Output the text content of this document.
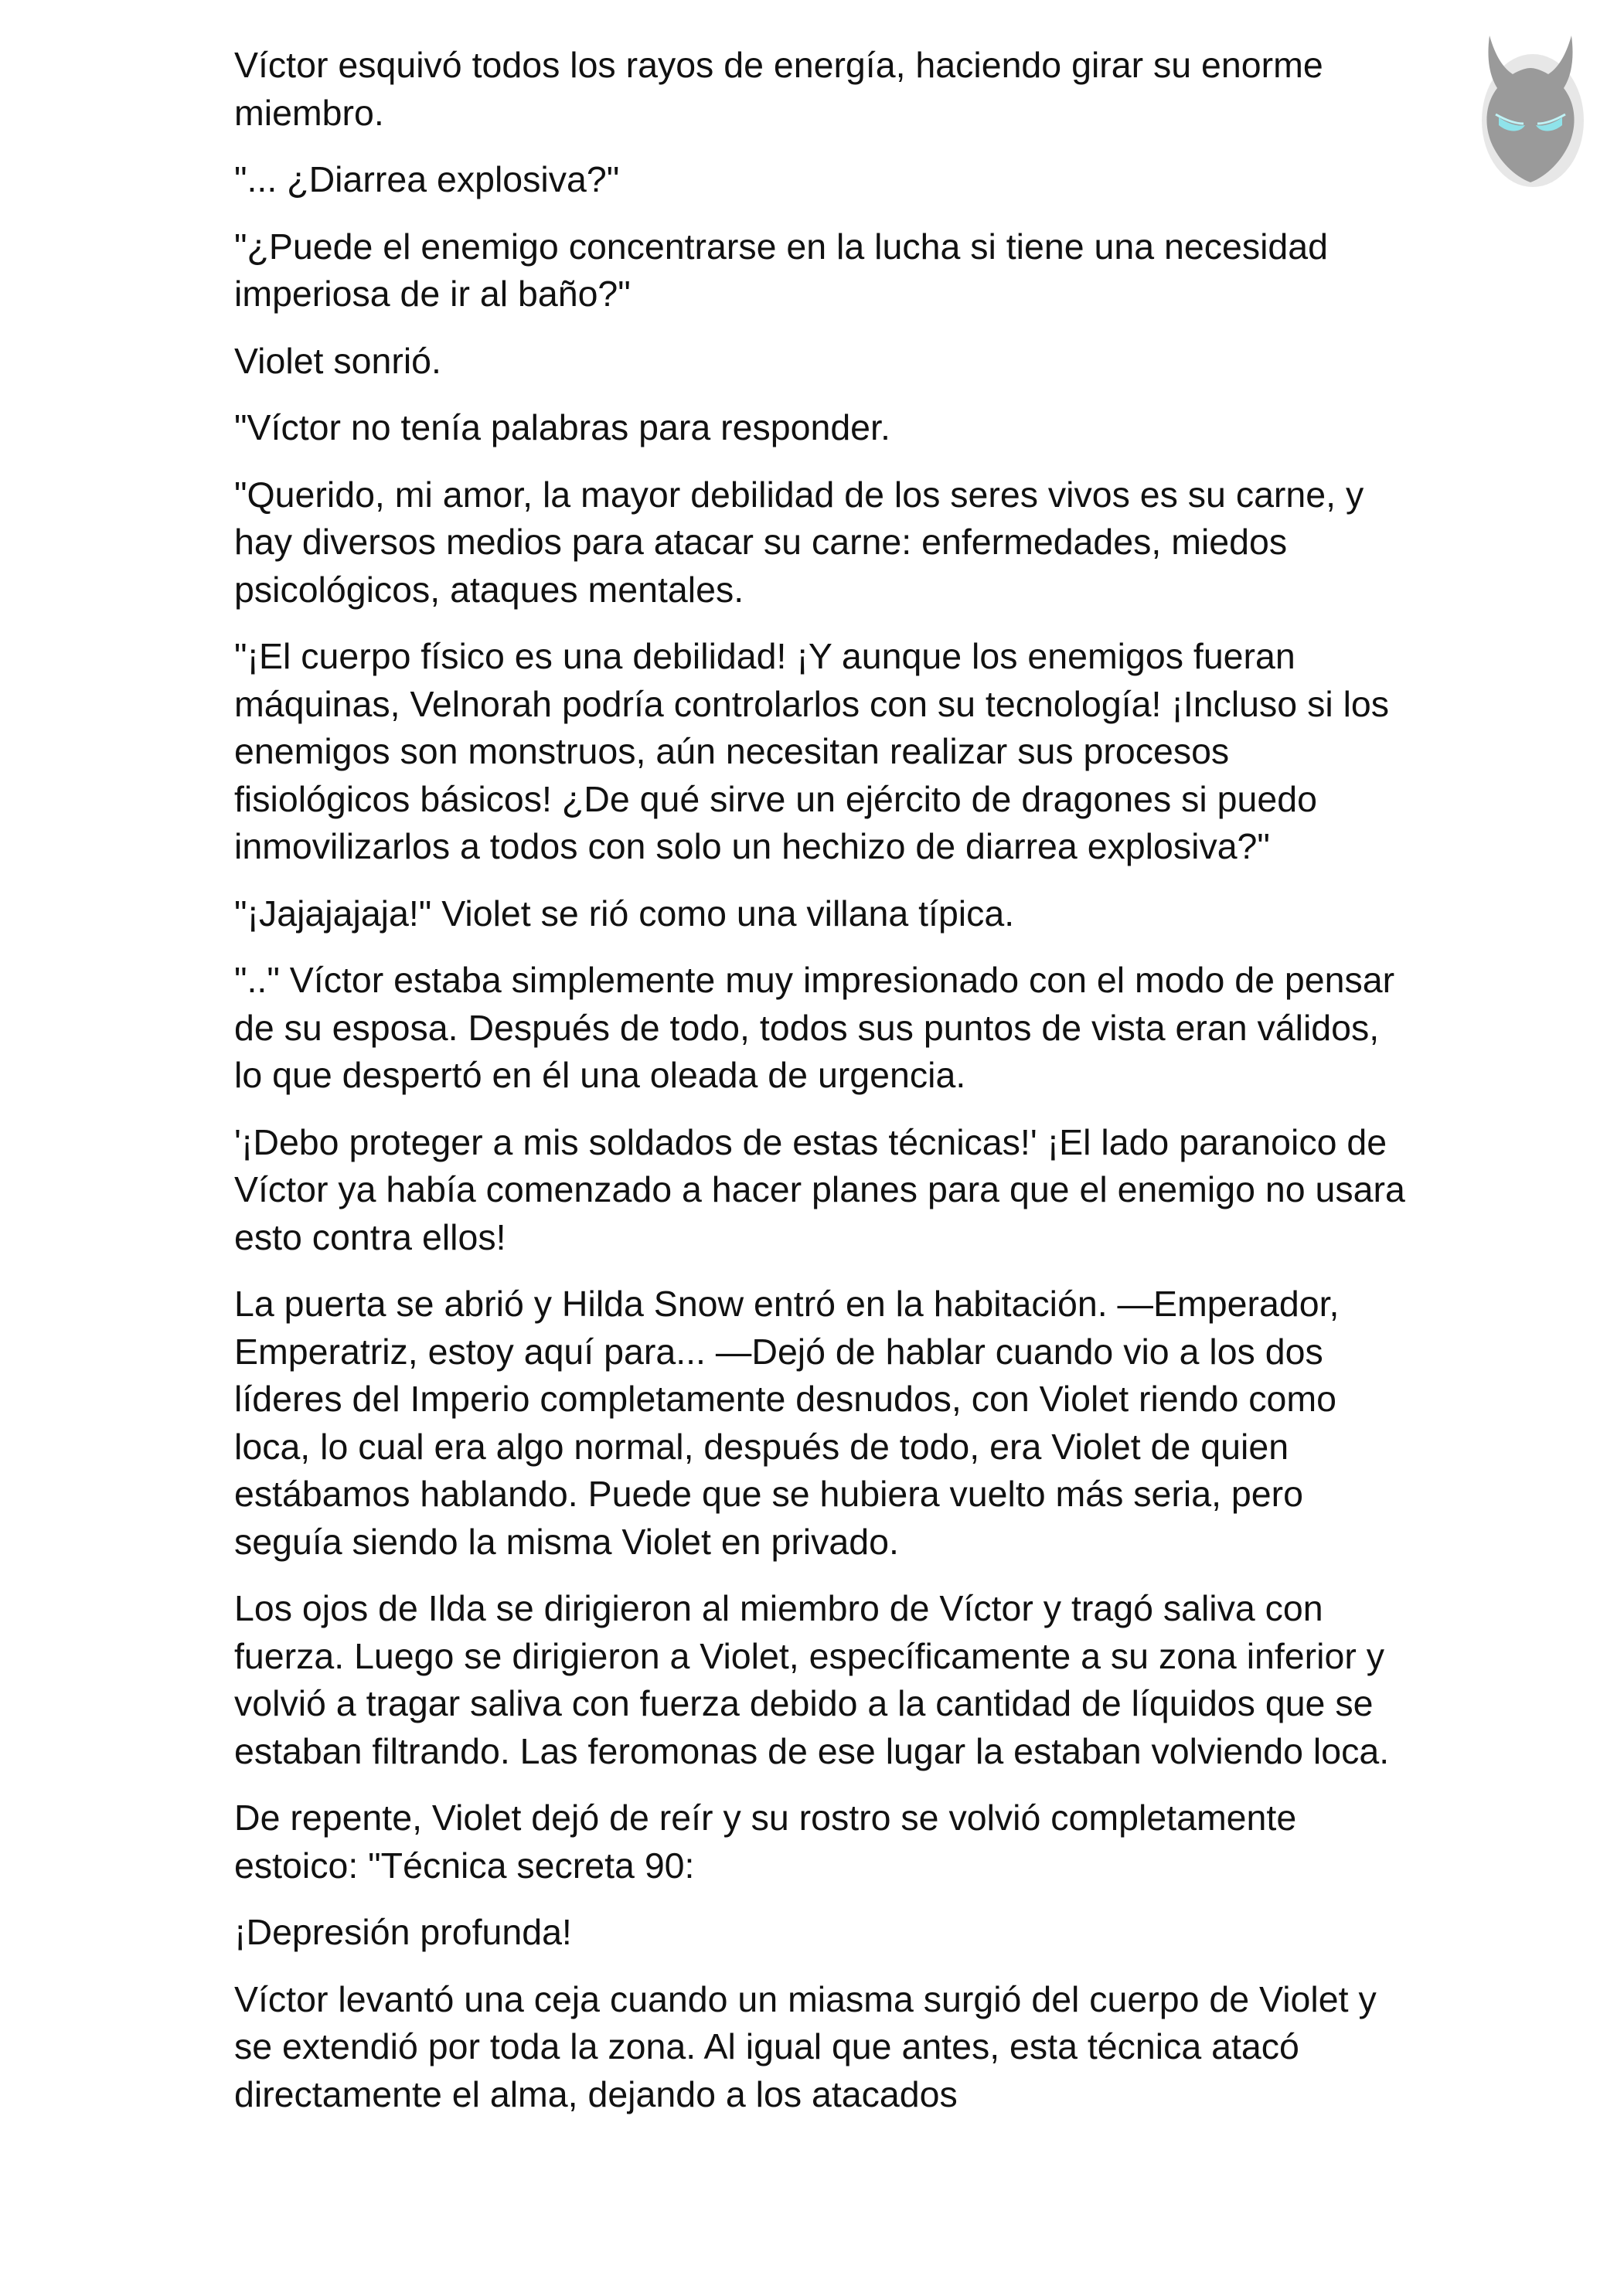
Víctor esquivó todos los rayos de energía, haciendo girar su enorme miembro.

"... ¿Diarrea explosiva?"

"¿Puede el enemigo concentrarse en la lucha si tiene una necesidad imperiosa de ir al baño?"

Violet sonrió.

"Víctor no tenía palabras para responder.

"Querido, mi amor, la mayor debilidad de los seres vivos es su carne, y hay diversos medios para atacar su carne: enfermedades, miedos psicológicos, ataques mentales.

"¡El cuerpo físico es una debilidad! ¡Y aunque los enemigos fueran máquinas, Velnorah podría controlarlos con su tecnología! ¡Incluso si los enemigos son monstruos, aún necesitan realizar sus procesos fisiológicos básicos! ¿De qué sirve un ejército de dragones si puedo inmovilizarlos a todos con solo un hechizo de diarrea explosiva?"

"¡Jajajajaja!" Violet se rió como una villana típica.

".." Víctor estaba simplemente muy impresionado con el modo de pensar de su esposa. Después de todo, todos sus puntos de vista eran válidos, lo que despertó en él una oleada de urgencia.

'¡Debo proteger a mis soldados de estas técnicas!' ¡El lado paranoico de Víctor ya había comenzado a hacer planes para que el enemigo no usara esto contra ellos!

La puerta se abrió y Hilda Snow entró en la habitación. —Emperador, Emperatriz, estoy aquí para... —Dejó de hablar cuando vio a los dos líderes del Imperio completamente desnudos, con Violet riendo como loca, lo cual era algo normal, después de todo, era Violet de quien estábamos hablando. Puede que se hubiera vuelto más seria, pero seguía siendo la misma Violet en privado.

Los ojos de Ilda se dirigieron al miembro de Víctor y tragó saliva con fuerza. Luego se dirigieron a Violet, específicamente a su zona inferior y volvió a tragar saliva con fuerza debido a la cantidad de líquidos que se estaban filtrando. Las feromonas de ese lugar la estaban volviendo loca.

De repente, Violet dejó de reír y su rostro se volvió completamente estoico: "Técnica secreta 90:

¡Depresión profunda!

Víctor levantó una ceja cuando un miasma surgió del cuerpo de Violet y se extendió por toda la zona. Al igual que antes, esta técnica atacó directamente el alma, dejando a los atacados
